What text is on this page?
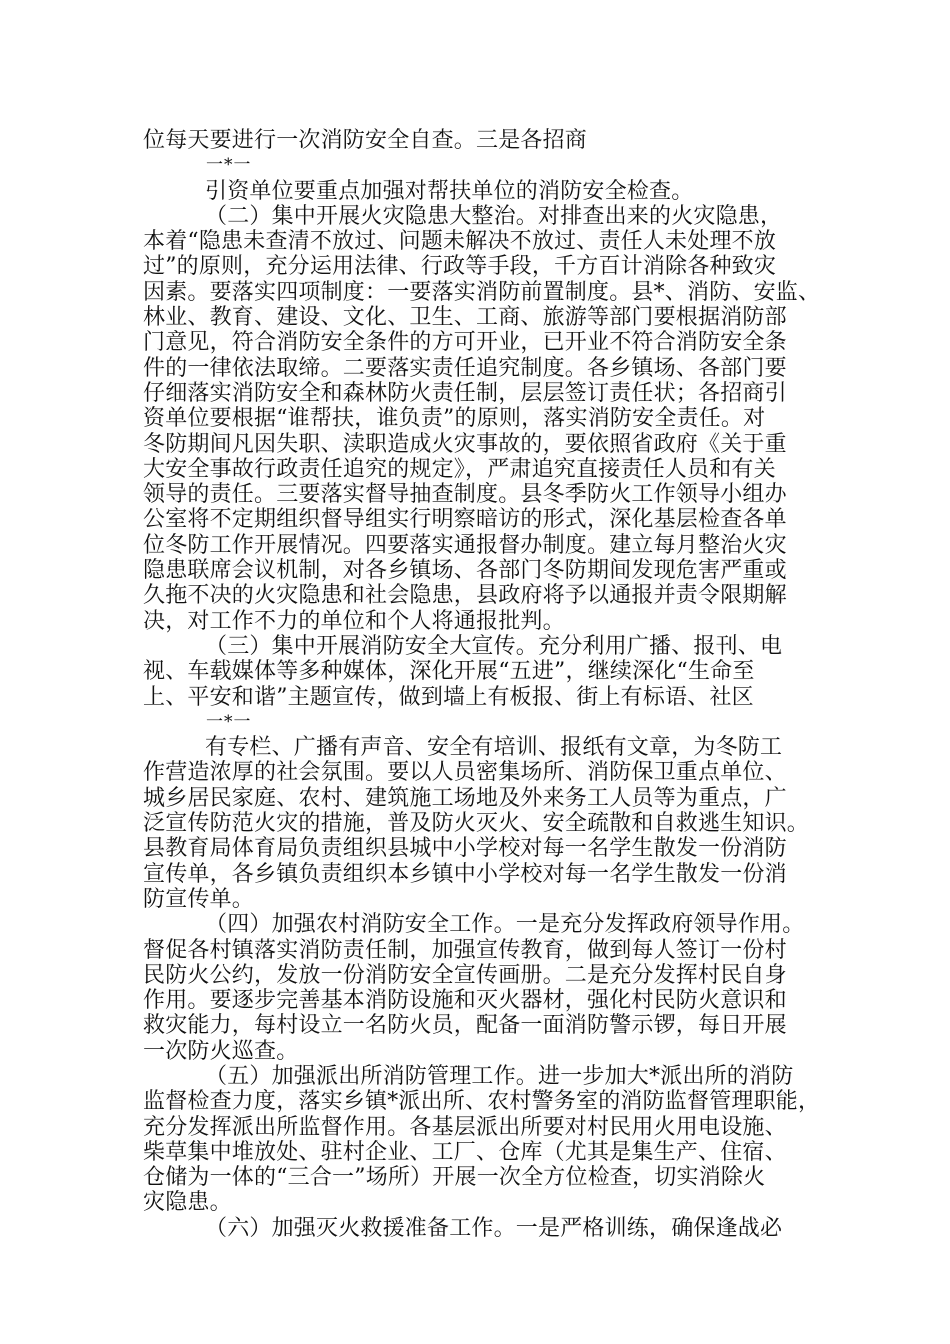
位每天要进行一次消防安全自查。三是各招商
一*一
引资单位要重点加强对帮扶单位的消防安全检查。
（二）集中开展火灾隐患大整治。对排查出来的火灾隐患，
本着“隐患未查清不放过、问题未解决不放过、责任人未处理不放
过”的原则，充分运用法律、行政等手段，千方百计消除各种致灾
因素。要落实四项制度：一要落实消防前置制度。县*、消防、安监、
林业、教育、建设、文化、卫生、工商、旅游等部门要根据消防部
门意见，符合消防安全条件的方可开业，已开业不符合消防安全条
件的一律依法取缔。二要落实责任追究制度。各乡镇场、各部门要
仔细落实消防安全和森林防火责任制，层层签订责任状；各招商引
资单位要根据“谁帮扶，谁负责”的原则，落实消防安全责任。对
冬防期间凡因失职、渎职造成火灾事故的，要依照省政府《关于重
大安全事故行政责任追究的规定》，严肃追究直接责任人员和有关
领导的责任。三要落实督导抽查制度。县冬季防火工作领导小组办
公室将不定期组织督导组实行明察暗访的形式，深化基层检查各单
位冬防工作开展情况。四要落实通报督办制度。建立每月整治火灾
隐患联席会议机制，对各乡镇场、各部门冬防期间发现危害严重或
久拖不决的火灾隐患和社会隐患，县政府将予以通报并责令限期解
决，对工作不力的单位和个人将通报批判。
（三）集中开展消防安全大宣传。充分利用广播、报刊、电
视、车载媒体等多种媒体，深化开展“五进”，继续深化“生命至
上、平安和谐”主题宣传，做到墙上有板报、街上有标语、社区
一*一
有专栏、广播有声音、安全有培训、报纸有文章，为冬防工
作营造浓厚的社会氛围。要以人员密集场所、消防保卫重点单位、
城乡居民家庭、农村、建筑施工场地及外来务工人员等为重点，广
泛宣传防范火灾的措施，普及防火灭火、安全疏散和自救逃生知识。
县教育局体育局负责组织县城中小学校对每一名学生散发一份消防
宣传单，各乡镇负责组织本乡镇中小学校对每一名学生散发一份消
防宣传单。
（四）加强农村消防安全工作。一是充分发挥政府领导作用。
督促各村镇落实消防责任制，加强宣传教育，做到每人签订一份村
民防火公约，发放一份消防安全宣传画册。二是充分发挥村民自身
作用。要逐步完善基本消防设施和灭火器材，强化村民防火意识和
救灾能力，每村设立一名防火员，配备一面消防警示锣，每日开展
一次防火巡查。
（五）加强派出所消防管理工作。进一步加大*派出所的消防
监督检查力度，落实乡镇*派出所、农村警务室的消防监督管理职能，
充分发挥派出所监督作用。各基层派出所要对村民用火用电设施、
柴草集中堆放处、驻村企业、工厂、仓库（尤其是集生产、住宿、
仓储为一体的“三合一”场所）开展一次全方位检查，切实消除火
灾隐患。
（六）加强灭火救援准备工作。一是严格训练，确保逢战必
